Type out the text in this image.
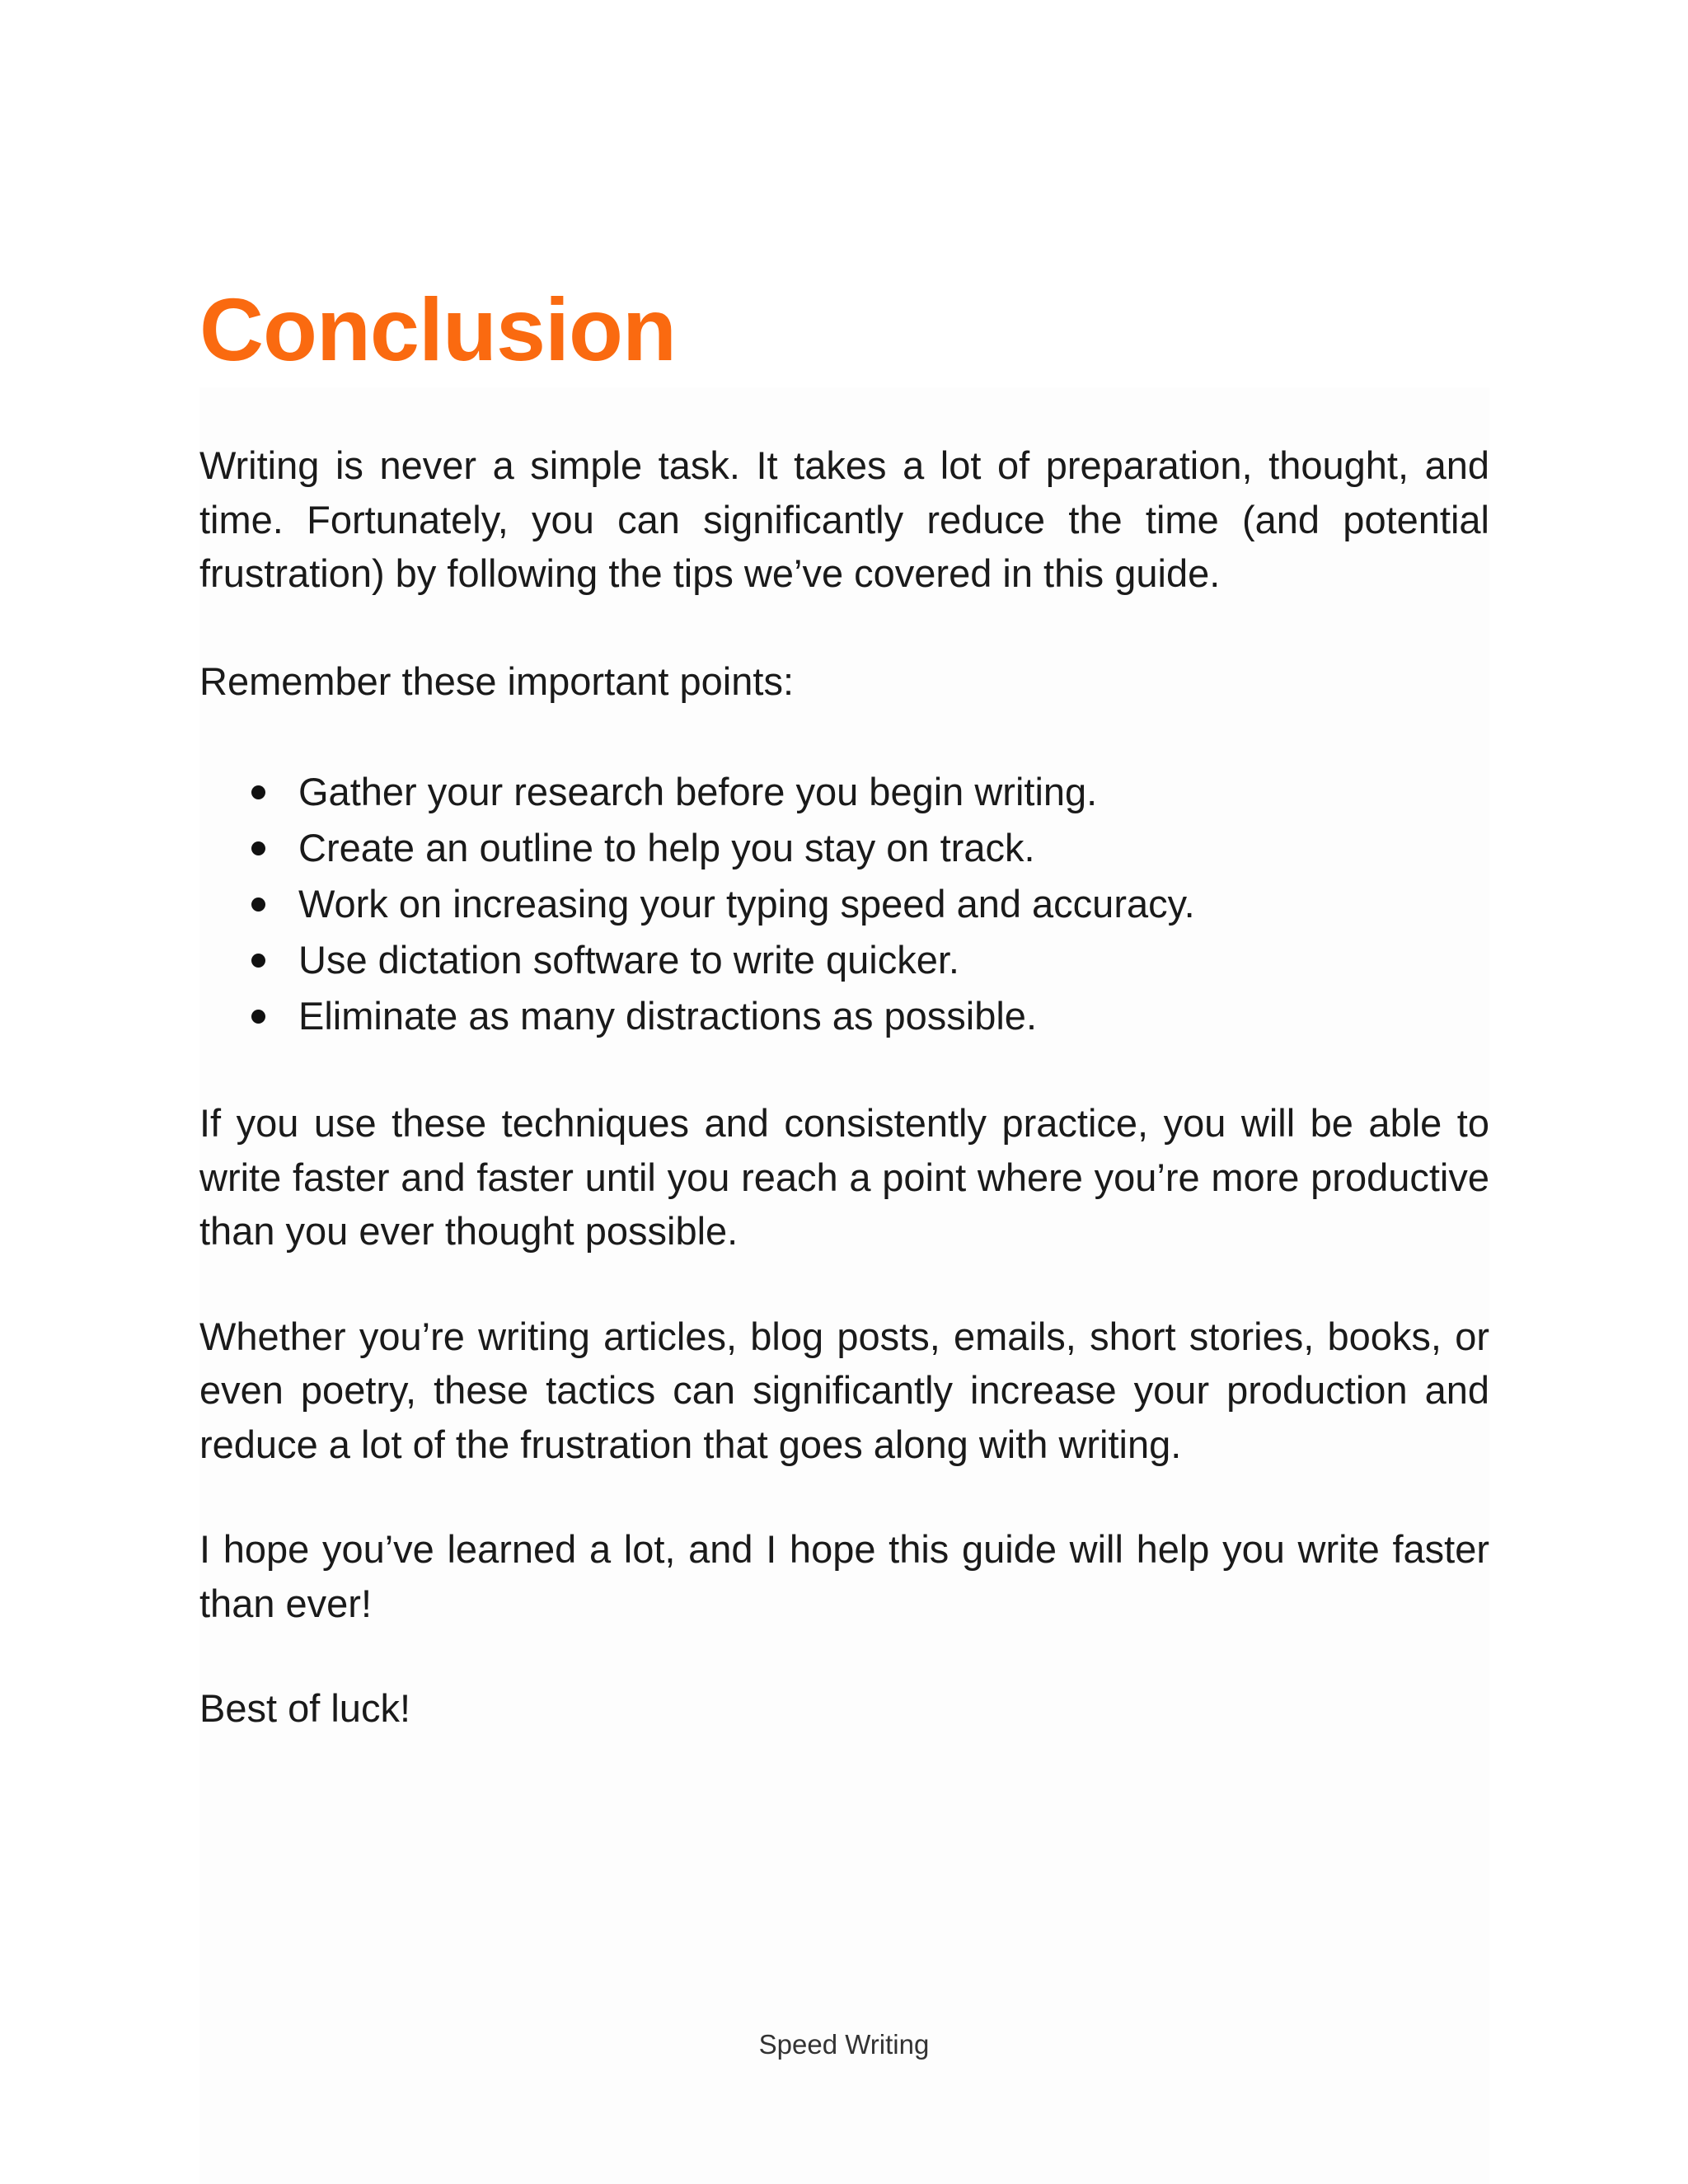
Conclusion

Writing is never a simple task. It takes a lot of preparation, thought, and time. Fortunately, you can significantly reduce the time (and potential frustration) by following the tips we’ve covered in this guide.

Remember these important points:

Gather your research before you begin writing.
Create an outline to help you stay on track.
Work on increasing your typing speed and accuracy.
Use dictation software to write quicker.
Eliminate as many distractions as possible.

If you use these techniques and consistently practice, you will be able to write faster and faster until you reach a point where you’re more productive than you ever thought possible.

Whether you’re writing articles, blog posts, emails, short stories, books, or even poetry, these tactics can significantly increase your production and reduce a lot of the frustration that goes along with writing.

I hope you’ve learned a lot, and I hope this guide will help you write faster than ever!

Best of luck!

Speed Writing
